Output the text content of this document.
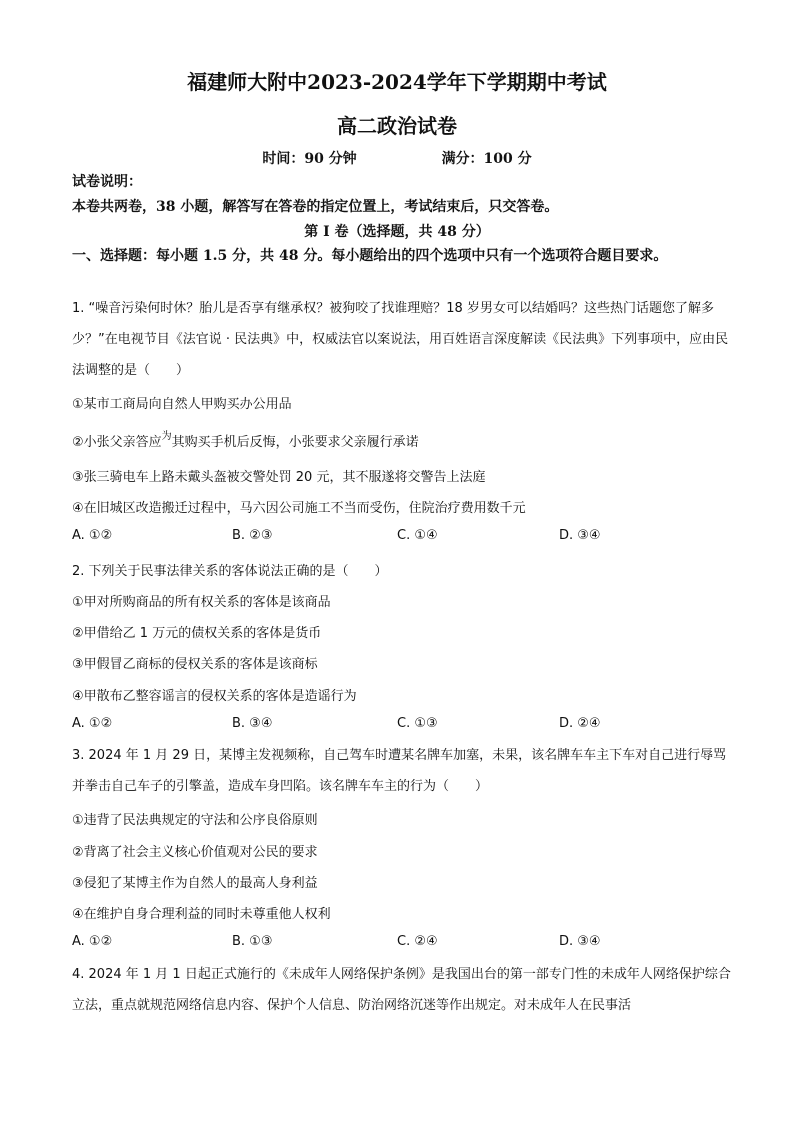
福建师大附中2023-2024学年下学期期中考试
高二政治试卷
时间：90 分钟	满分：100 分
试卷说明：
本卷共两卷，38 小题，解答写在答卷的指定位置上，考试结束后，只交答卷。
第 I 卷（选择题，共 48 分）
一、选择题：每小题 1.5 分，共 48 分。每小题给出的四个选项中只有一个选项符合题目要求。
1. “噪音污染何时休？胎儿是否享有继承权？被狗咬了找谁理赔？18 岁男女可以结婚吗？这些热门话题您了解多少？”在电视节目《法官说 · 民法典》中，权威法官以案说法，用百姓语言深度解读《民法典》下列事项中，应由民法调整的是（　　）
①某市工商局向自然人甲购买办公用品
②小张父亲答应$^为$其购买手机后反悔，小张要求父亲履行承诺
③张三骑电车上路未戴头盔被交警处罚 20 元，其不服遂将交警告上法庭
④在旧城区改造搬迁过程中，马六因公司施工不当而受伤，住院治疗费用数千元
A. ①②	B. ②③	C. ①④	D. ③④
2. 下列关于民事法律关系的客体说法正确的是（　　）
①甲对所购商品的所有权关系的客体是该商品
②甲借给乙 1 万元的债权关系的客体是货币
③甲假冒乙商标的侵权关系的客体是该商标
④甲散布乙整容谣言的侵权关系的客体是造谣行为
A. ①②	B. ③④	C. ①③	D. ②④
3. 2024 年 1 月 29 日，某博主发视频称，自己驾车时遭某名牌车加塞，未果，该名牌车车主下车对自己进行辱骂并拳击自己车子的引擎盖，造成车身凹陷。该名牌车车主的行为（　　）
①违背了民法典规定的守法和公序良俗原则
②背离了社会主义核心价值观对公民的要求
③侵犯了某博主作为自然人的最高人身利益
④在维护自身合理利益的同时未尊重他人权利
A. ①②	B. ①③	C. ②④	D. ③④
4. 2024 年 1 月 1 日起正式施行的《未成年人网络保护条例》是我国出台的第一部专门性的未成年人网络保护综合立法，重点就规范网络信息内容、保护个人信息、防治网络沉迷等作出规定。对未成年人在民事活
